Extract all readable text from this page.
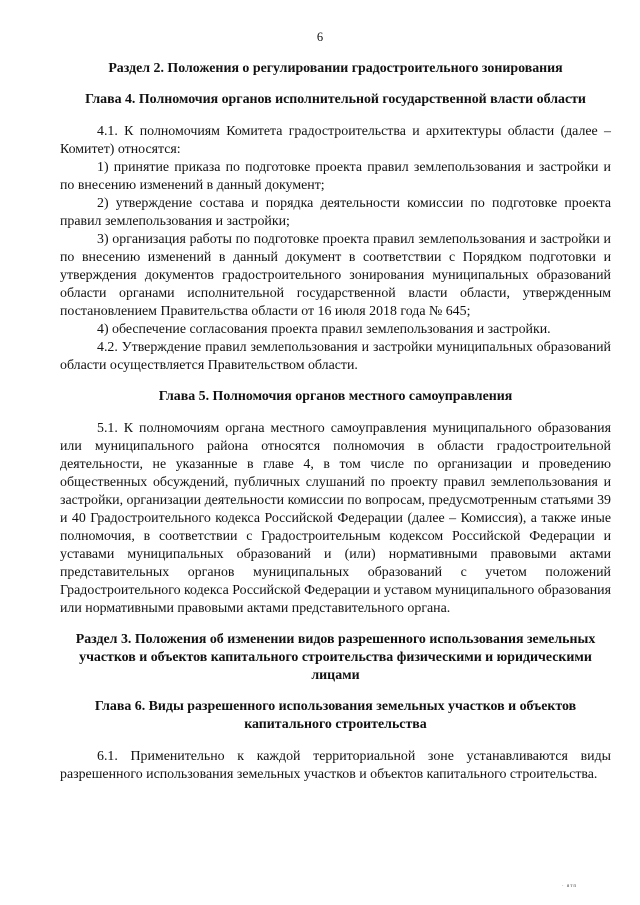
6

Раздел 2. Положения о регулировании градостроительного зонирования

Глава 4. Полномочия органов исполнительной государственной власти области

4.1. К полномочиям Комитета градостроительства и архитектуры области (далее – Комитет) относятся:

1) принятие приказа по подготовке проекта правил землепользования и застройки и по внесению изменений в данный документ;

2) утверждение состава и порядка деятельности комиссии по подготовке проекта правил землепользования и застройки;

3) организация работы по подготовке проекта правил землепользования и застройки и по внесению изменений в данный документ в соответствии с Порядком подготовки и утверждения документов градостроительного зонирования муниципальных образований области органами исполнительной государственной власти области, утвержденным постановлением Правительства области от 16 июля 2018 года № 645;

4) обеспечение согласования проекта правил землепользования и застройки.

4.2. Утверждение правил землепользования и застройки муниципальных образований области осуществляется Правительством области.

Глава 5. Полномочия органов местного самоуправления

5.1. К полномочиям органа местного самоуправления муниципального образования или муниципального района относятся полномочия в области градостроительной деятельности, не указанные в главе 4, в том числе по организации и проведению общественных обсуждений, публичных слушаний по проекту правил землепользования и застройки, организации деятельности комиссии по вопросам, предусмотренным статьями 39 и 40 Градостроительного кодекса Российской Федерации (далее – Комиссия), а также иные полномочия, в соответствии с Градостроительным кодексом Российской Федерации и уставами муниципальных образований и (или) нормативными правовыми актами представительных органов муниципальных образований с учетом положений Градостроительного кодекса Российской Федерации и уставом муниципального образования или нормативными правовыми актами представительного органа.

Раздел 3. Положения об изменении видов разрешенного использования земельных участков и объектов капитального строительства физическими и юридическими лицами

Глава 6. Виды разрешенного использования земельных участков и объектов капитального строительства

6.1. Применительно к каждой территориальной зоне устанавливаются виды разрешенного использования земельных участков и объектов капитального строительства.

· ятп
